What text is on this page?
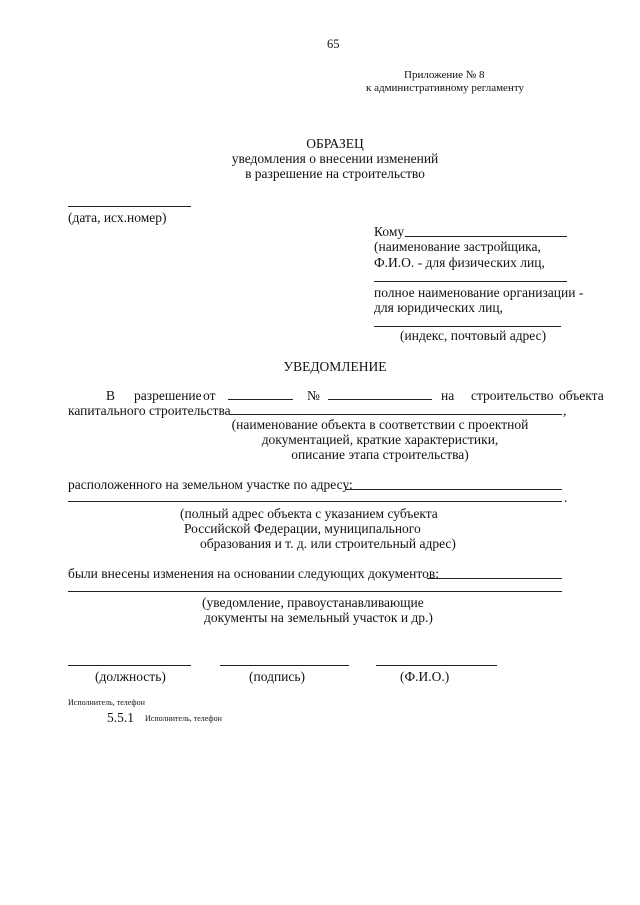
65
Приложение № 8
к административному регламенту
ОБРАЗЕЦ
уведомления о внесении изменений
в разрешение на строительство
(дата, исх.номер)
Кому
(наименование застройщика,
Ф.И.О. - для физических лиц,
полное наименование организации -
для юридических лиц,
(индекс, почтовый адрес)
УВЕДОМЛЕНИЕ
В разрешение от	№	на строительство объекта
капитального строительства	,
(наименование объекта в соответствии с проектной
документацией, краткие характеристики,
описание этапа строительства)
расположенного на земельном участке по адресу:
.
(полный адрес объекта с указанием субъекта
Российской Федерации, муниципального
образования и т. д. или строительный адрес)
были внесены изменения на основании следующих документов:
(уведомление, правоустанавливающие
документы на земельный участок и др.)
(должность)	(подпись)	(Ф.И.О.)
Исполнитель, телефон
5.5.1 Исполнитель, телефон
